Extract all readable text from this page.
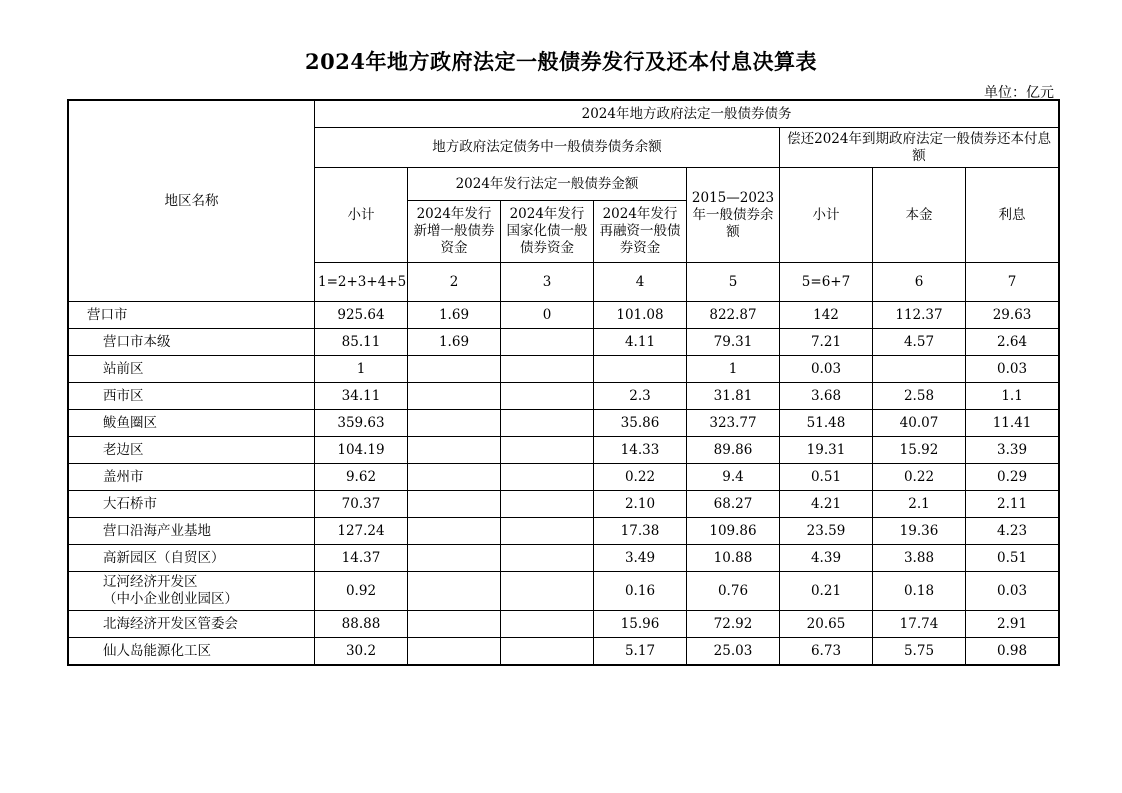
2024年地方政府法定一般债券发行及还本付息决算表
单位：亿元
地区名称	2024年地方政府法定一般债券债务							
	地方政府法定债务中一般债券债务余额					偿还2024年到期政府法定一般债券还本付息额		
	小计	2024年发行法定一般债券金额			2015—2023年一般债券余额	小计	本金	利息
		2024年发行新增一般债券资金	2024年发行国家化债一般债券资金	2024年发行再融资一般债券资金				
	1=2+3+4+5	2	3	4	5	5=6+7	6	7
营口市	925.64	1.69	0	101.08	822.87	142	112.37	29.63
营口市本级	85.11	1.69		4.11	79.31	7.21	4.57	2.64
站前区	1				1	0.03		0.03
西市区	34.11			2.3	31.81	3.68	2.58	1.1
鲅鱼圈区	359.63			35.86	323.77	51.48	40.07	11.41
老边区	104.19			14.33	89.86	19.31	15.92	3.39
盖州市	9.62			0.22	9.4	0.51	0.22	0.29
大石桥市	70.37			2.10	68.27	4.21	2.1	2.11
营口沿海产业基地	127.24			17.38	109.86	23.59	19.36	4.23
高新园区（自贸区）	14.37			3.49	10.88	4.39	3.88	0.51
辽河经济开发区
（中小企业创业园区）	0.92			0.16	0.76	0.21	0.18	0.03
北海经济开发区管委会	88.88			15.96	72.92	20.65	17.74	2.91
仙人岛能源化工区	30.2			5.17	25.03	6.73	5.75	0.98
